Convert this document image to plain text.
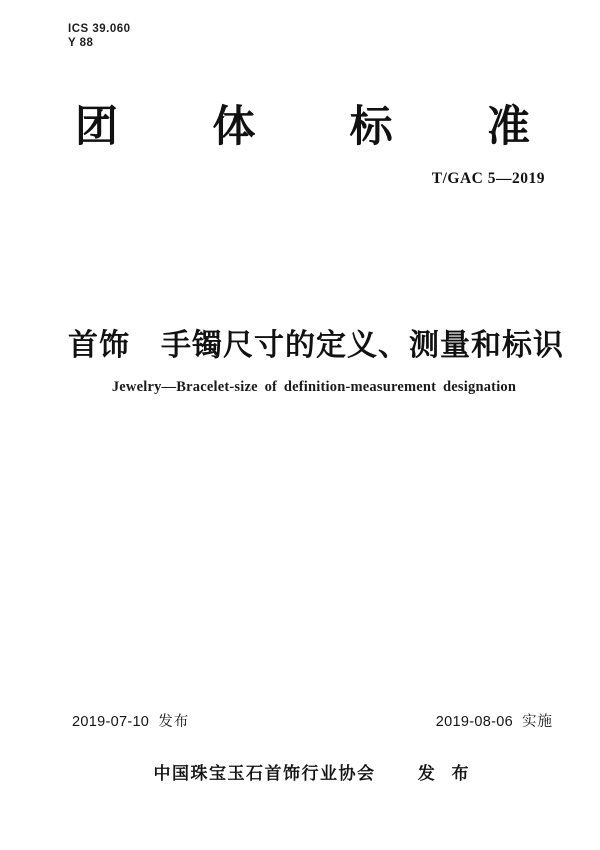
ICS 39.060
Y 88
团 体 标 准
T/GAC 5—2019
首饰　手镯尺寸的定义、测量和标识
Jewelry—Bracelet-size of definition-measurement designation
2019-07-10 发布	2019-08-06 实施
中国珠宝玉石首饰行业协会 发 布
